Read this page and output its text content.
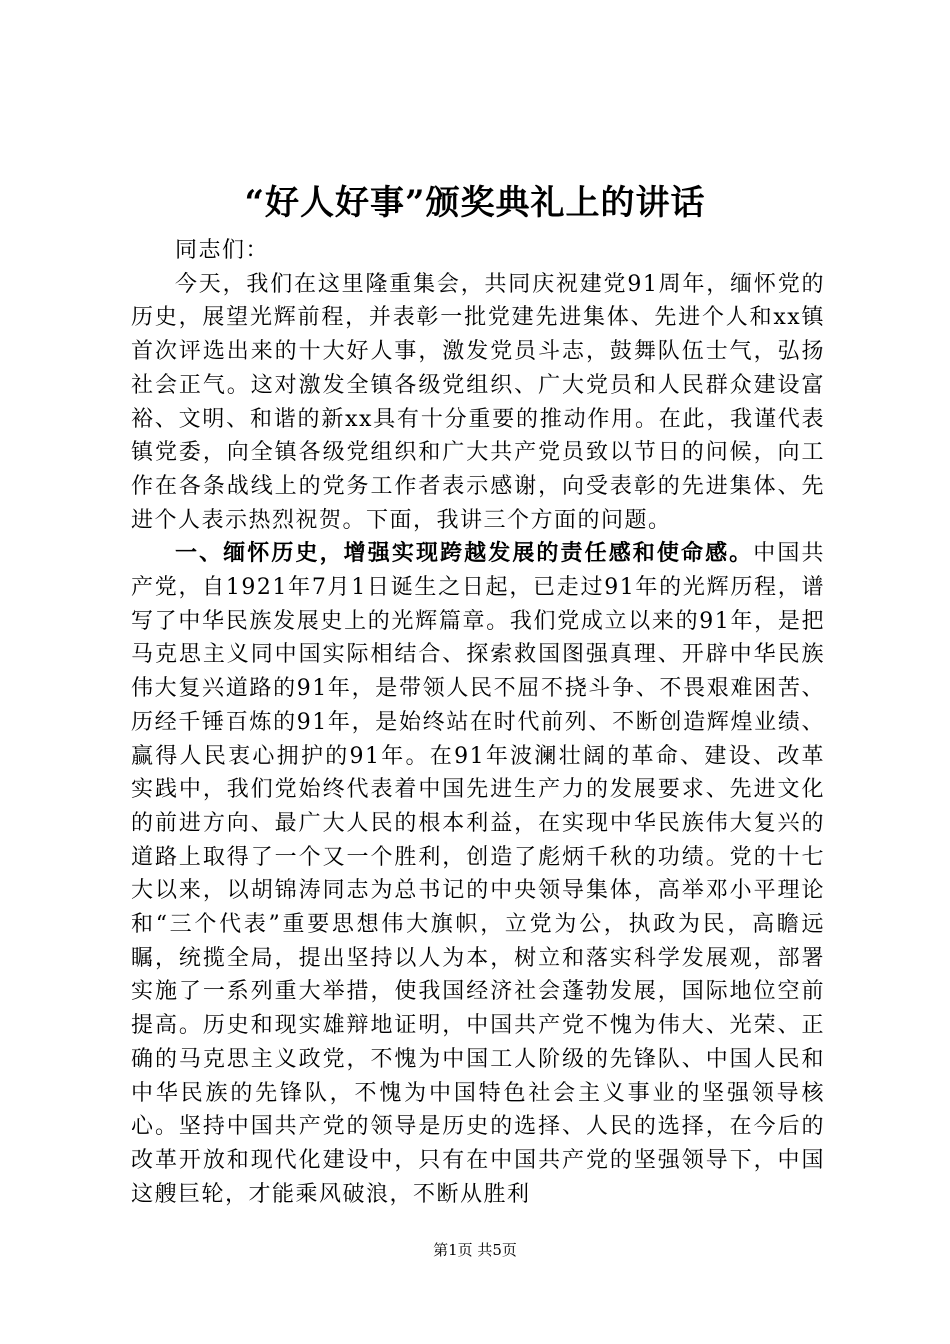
“好人好事”颁奖典礼上的讲话

同志们：

今天，我们在这里隆重集会，共同庆祝建党91周年，缅怀党的历史，展望光辉前程，并表彰一批党建先进集体、先进个人和xx镇首次评选出来的十大好人事，激发党员斗志，鼓舞队伍士气，弘扬社会正气。这对激发全镇各级党组织、广大党员和人民群众建设富裕、文明、和谐的新xx具有十分重要的推动作用。在此，我谨代表镇党委，向全镇各级党组织和广大共产党员致以节日的问候，向工作在各条战线上的党务工作者表示感谢，向受表彰的先进集体、先进个人表示热烈祝贺。下面，我讲三个方面的问题。

一、缅怀历史，增强实现跨越发展的责任感和使命感。中国共产党，自1921年7月1日诞生之日起，已走过91年的光辉历程，谱写了中华民族发展史上的光辉篇章。我们党成立以来的91年，是把马克思主义同中国实际相结合、探索救国图强真理、开辟中华民族伟大复兴道路的91年，是带领人民不屈不挠斗争、不畏艰难困苦、历经千锤百炼的91年，是始终站在时代前列、不断创造辉煌业绩、赢得人民衷心拥护的91年。在91年波澜壮阔的革命、建设、改革实践中，我们党始终代表着中国先进生产力的发展要求、先进文化的前进方向、最广大人民的根本利益，在实现中华民族伟大复兴的道路上取得了一个又一个胜利，创造了彪炳千秋的功绩。党的十七大以来，以胡锦涛同志为总书记的中央领导集体，高举邓小平理论和“三个代表”重要思想伟大旗帜，立党为公，执政为民，高瞻远瞩，统揽全局，提出坚持以人为本，树立和落实科学发展观，部署实施了一系列重大举措，使我国经济社会蓬勃发展，国际地位空前提高。历史和现实雄辩地证明，中国共产党不愧为伟大、光荣、正确的马克思主义政党，不愧为中国工人阶级的先锋队、中国人民和中华民族的先锋队，不愧为中国特色社会主义事业的坚强领导核心。坚持中国共产党的领导是历史的选择、人民的选择，在今后的改革开放和现代化建设中，只有在中国共产党的坚强领导下，中国这艘巨轮，才能乘风破浪，不断从胜利

第1页 共5页
